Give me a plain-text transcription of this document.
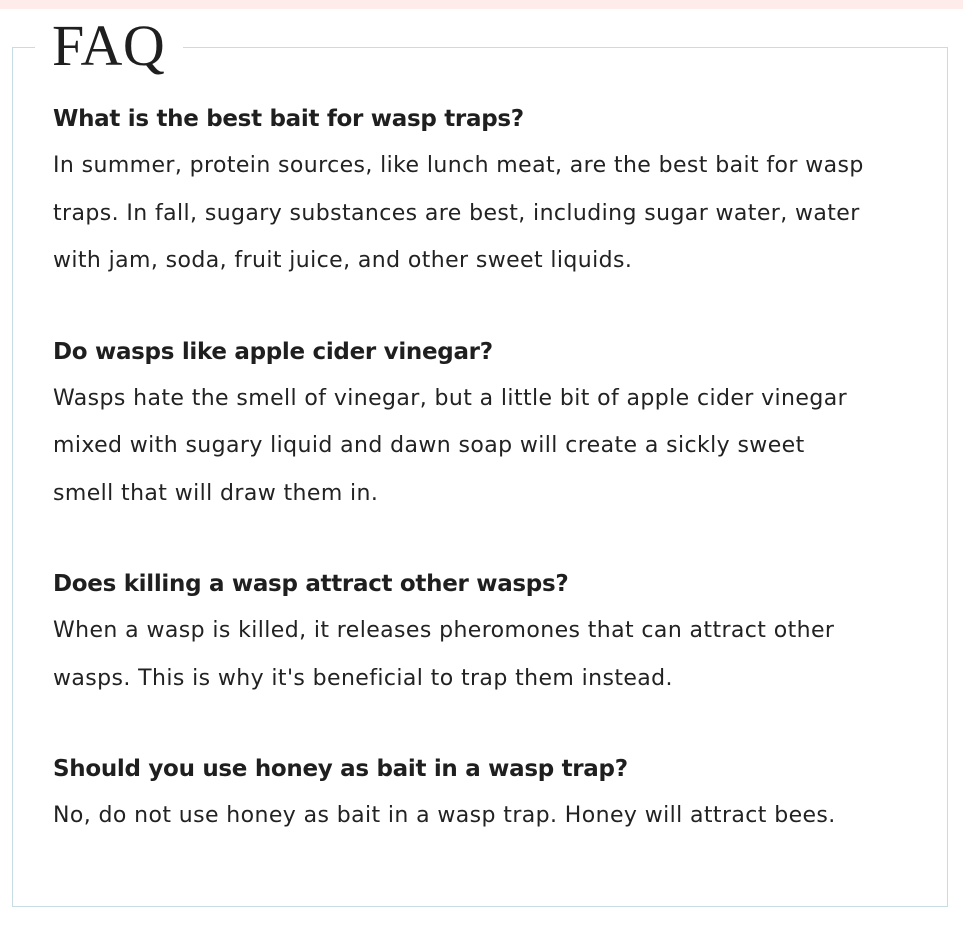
FAQ
What is the best bait for wasp traps?

In summer, protein sources, like lunch meat, are the best bait for wasp traps. In fall, sugary substances are best, including sugar water, water with jam, soda, fruit juice, and other sweet liquids.

Do wasps like apple cider vinegar?

Wasps hate the smell of vinegar, but a little bit of apple cider vinegar mixed with sugary liquid and dawn soap will create a sickly sweet smell that will draw them in.

Does killing a wasp attract other wasps?

When a wasp is killed, it releases pheromones that can attract other wasps. This is why it's beneficial to trap them instead.

Should you use honey as bait in a wasp trap?

No, do not use honey as bait in a wasp trap. Honey will attract bees.
